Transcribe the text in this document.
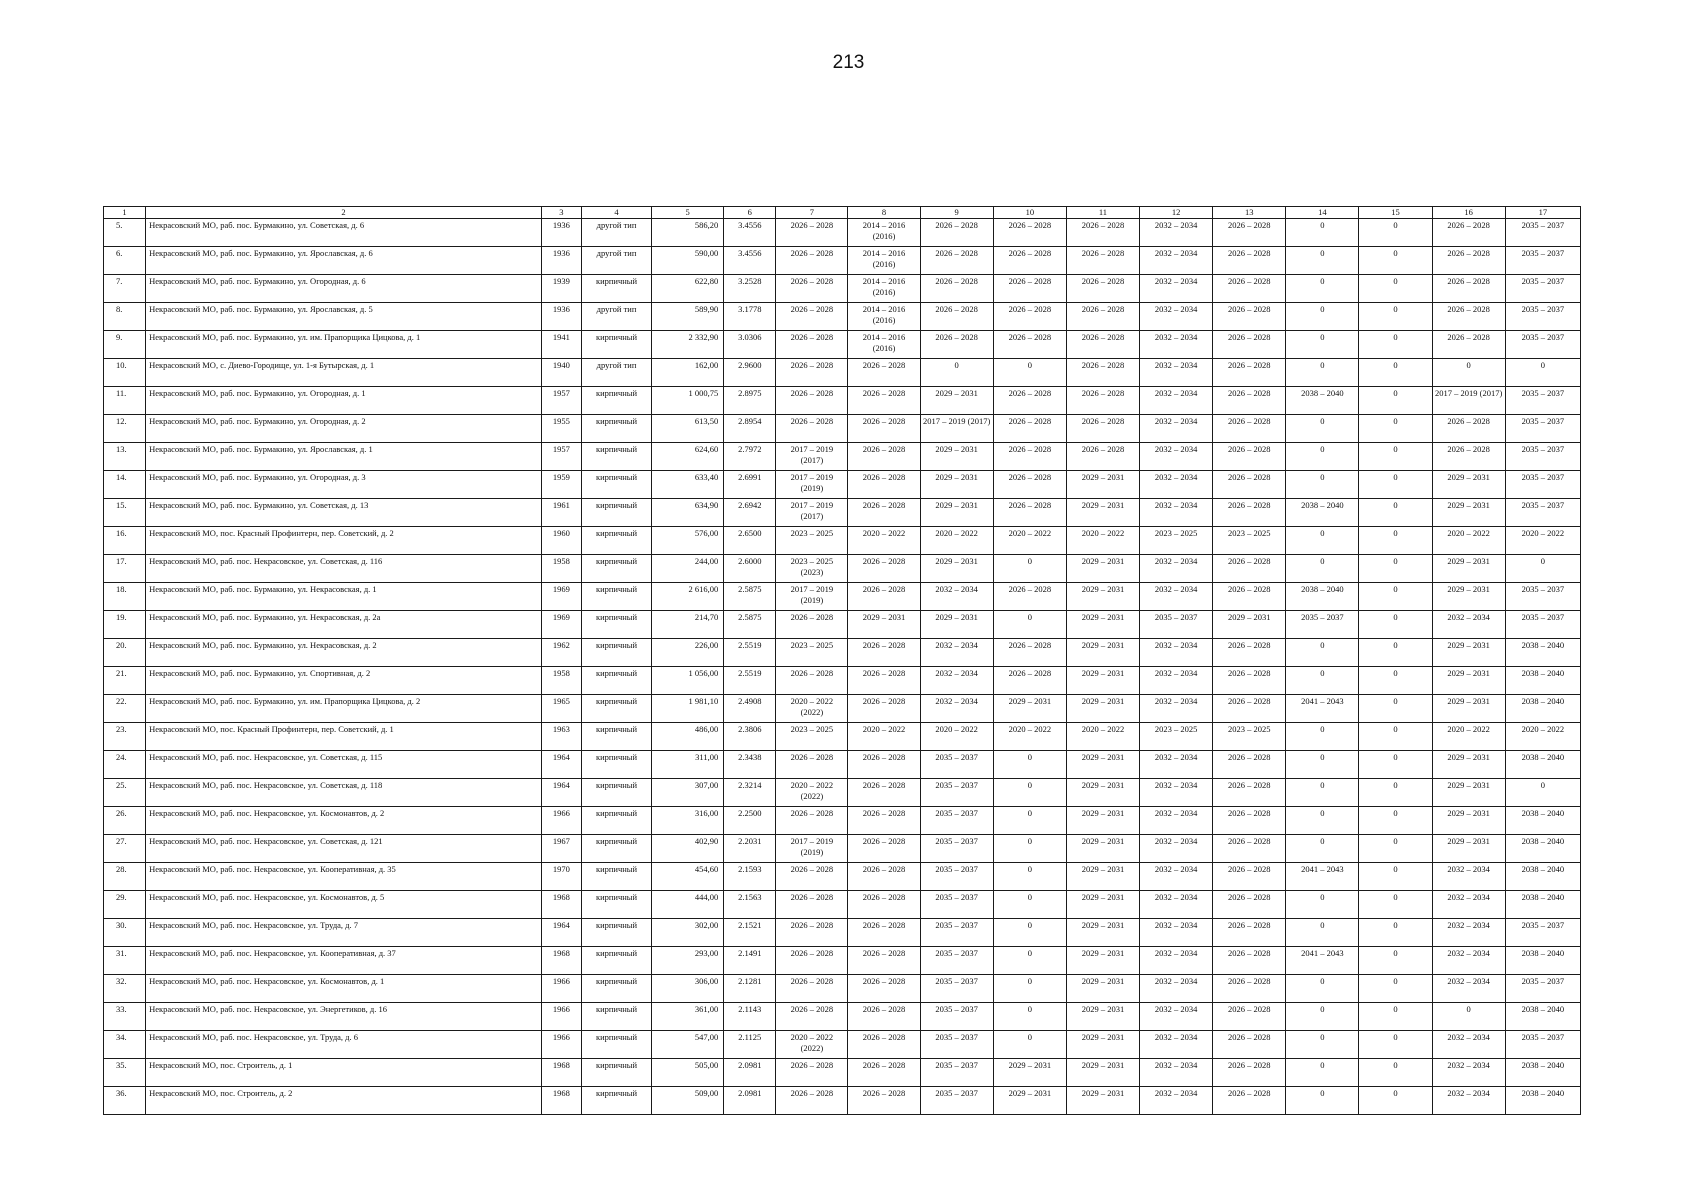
213
1	2	3	4	5	6	7	8	9	10	11	12	13	14	15	16	17
5.	Некрасовский МО, раб. пос. Бурмакино, ул. Советская, д. 6	1936	другой тип	586,20	3.4556	2026 – 2028	2014 – 2016 (2016)	2026 – 2028	2026 – 2028	2026 – 2028	2032 – 2034	2026 – 2028	0	0	2026 – 2028	2035 – 2037
6.	Некрасовский МО, раб. пос. Бурмакино, ул. Ярославская, д. 6	1936	другой тип	590,00	3.4556	2026 – 2028	2014 – 2016 (2016)	2026 – 2028	2026 – 2028	2026 – 2028	2032 – 2034	2026 – 2028	0	0	2026 – 2028	2035 – 2037
7.	Некрасовский МО, раб. пос. Бурмакино, ул. Огородная, д. 6	1939	кирпичный	622,80	3.2528	2026 – 2028	2014 – 2016 (2016)	2026 – 2028	2026 – 2028	2026 – 2028	2032 – 2034	2026 – 2028	0	0	2026 – 2028	2035 – 2037
8.	Некрасовский МО, раб. пос. Бурмакино, ул. Ярославская, д. 5	1936	другой тип	589,90	3.1778	2026 – 2028	2014 – 2016 (2016)	2026 – 2028	2026 – 2028	2026 – 2028	2032 – 2034	2026 – 2028	0	0	2026 – 2028	2035 – 2037
9.	Некрасовский МО, раб. пос. Бурмакино, ул. им. Прапорщика Цицкова, д. 1	1941	кирпичный	2 332,90	3.0306	2026 – 2028	2014 – 2016 (2016)	2026 – 2028	2026 – 2028	2026 – 2028	2032 – 2034	2026 – 2028	0	0	2026 – 2028	2035 – 2037
10.	Некрасовский МО, с. Диево-Городище, ул. 1-я Бутырская, д. 1	1940	другой тип	162,00	2.9600	2026 – 2028	2026 – 2028	0	0	2026 – 2028	2032 – 2034	2026 – 2028	0	0	0	0
11.	Некрасовский МО, раб. пос. Бурмакино, ул. Огородная, д. 1	1957	кирпичный	1 000,75	2.8975	2026 – 2028	2026 – 2028	2029 – 2031	2026 – 2028	2026 – 2028	2032 – 2034	2026 – 2028	2038 – 2040	0	2017 – 2019 (2017)	2035 – 2037
12.	Некрасовский МО, раб. пос. Бурмакино, ул. Огородная, д. 2	1955	кирпичный	613,50	2.8954	2026 – 2028	2026 – 2028	2017 – 2019 (2017)	2026 – 2028	2026 – 2028	2032 – 2034	2026 – 2028	0	0	2026 – 2028	2035 – 2037
13.	Некрасовский МО, раб. пос. Бурмакино, ул. Ярославская, д. 1	1957	кирпичный	624,60	2.7972	2017 – 2019 (2017)	2026 – 2028	2029 – 2031	2026 – 2028	2026 – 2028	2032 – 2034	2026 – 2028	0	0	2026 – 2028	2035 – 2037
14.	Некрасовский МО, раб. пос. Бурмакино, ул. Огородная, д. 3	1959	кирпичный	633,40	2.6991	2017 – 2019 (2019)	2026 – 2028	2029 – 2031	2026 – 2028	2029 – 2031	2032 – 2034	2026 – 2028	0	0	2029 – 2031	2035 – 2037
15.	Некрасовский МО, раб. пос. Бурмакино, ул. Советская, д. 13	1961	кирпичный	634,90	2.6942	2017 – 2019 (2017)	2026 – 2028	2029 – 2031	2026 – 2028	2029 – 2031	2032 – 2034	2026 – 2028	2038 – 2040	0	2029 – 2031	2035 – 2037
16.	Некрасовский МО, пос. Красный Профинтерн, пер. Советский, д. 2	1960	кирпичный	576,00	2.6500	2023 – 2025	2020 – 2022	2020 – 2022	2020 – 2022	2020 – 2022	2023 – 2025	2023 – 2025	0	0	2020 – 2022	2020 – 2022
17.	Некрасовский МО, раб. пос. Некрасовское, ул. Советская, д. 116	1958	кирпичный	244,00	2.6000	2023 – 2025 (2023)	2026 – 2028	2029 – 2031	0	2029 – 2031	2032 – 2034	2026 – 2028	0	0	2029 – 2031	0
18.	Некрасовский МО, раб. пос. Бурмакино, ул. Некрасовская, д. 1	1969	кирпичный	2 616,00	2.5875	2017 – 2019 (2019)	2026 – 2028	2032 – 2034	2026 – 2028	2029 – 2031	2032 – 2034	2026 – 2028	2038 – 2040	0	2029 – 2031	2035 – 2037
19.	Некрасовский МО, раб. пос. Бурмакино, ул. Некрасовская, д. 2а	1969	кирпичный	214,70	2.5875	2026 – 2028	2029 – 2031	2029 – 2031	0	2029 – 2031	2035 – 2037	2029 – 2031	2035 – 2037	0	2032 – 2034	2035 – 2037
20.	Некрасовский МО, раб. пос. Бурмакино, ул. Некрасовская, д. 2	1962	кирпичный	226,00	2.5519	2023 – 2025	2026 – 2028	2032 – 2034	2026 – 2028	2029 – 2031	2032 – 2034	2026 – 2028	0	0	2029 – 2031	2038 – 2040
21.	Некрасовский МО, раб. пос. Бурмакино, ул. Спортивная, д. 2	1958	кирпичный	1 056,00	2.5519	2026 – 2028	2026 – 2028	2032 – 2034	2026 – 2028	2029 – 2031	2032 – 2034	2026 – 2028	0	0	2029 – 2031	2038 – 2040
22.	Некрасовский МО, раб. пос. Бурмакино, ул. им. Прапорщика Цицкова, д. 2	1965	кирпичный	1 981,10	2.4908	2020 – 2022 (2022)	2026 – 2028	2032 – 2034	2029 – 2031	2029 – 2031	2032 – 2034	2026 – 2028	2041 – 2043	0	2029 – 2031	2038 – 2040
23.	Некрасовский МО, пос. Красный Профинтерн, пер. Советский, д. 1	1963	кирпичный	486,00	2.3806	2023 – 2025	2020 – 2022	2020 – 2022	2020 – 2022	2020 – 2022	2023 – 2025	2023 – 2025	0	0	2020 – 2022	2020 – 2022
24.	Некрасовский МО, раб. пос. Некрасовское, ул. Советская, д. 115	1964	кирпичный	311,00	2.3438	2026 – 2028	2026 – 2028	2035 – 2037	0	2029 – 2031	2032 – 2034	2026 – 2028	0	0	2029 – 2031	2038 – 2040
25.	Некрасовский МО, раб. пос. Некрасовское, ул. Советская, д. 118	1964	кирпичный	307,00	2.3214	2020 – 2022 (2022)	2026 – 2028	2035 – 2037	0	2029 – 2031	2032 – 2034	2026 – 2028	0	0	2029 – 2031	0
26.	Некрасовский МО, раб. пос. Некрасовское, ул. Космонавтов, д. 2	1966	кирпичный	316,00	2.2500	2026 – 2028	2026 – 2028	2035 – 2037	0	2029 – 2031	2032 – 2034	2026 – 2028	0	0	2029 – 2031	2038 – 2040
27.	Некрасовский МО, раб. пос. Некрасовское, ул. Советская, д. 121	1967	кирпичный	402,90	2.2031	2017 – 2019 (2019)	2026 – 2028	2035 – 2037	0	2029 – 2031	2032 – 2034	2026 – 2028	0	0	2029 – 2031	2038 – 2040
28.	Некрасовский МО, раб. пос. Некрасовское, ул. Кооперативная, д. 35	1970	кирпичный	454,60	2.1593	2026 – 2028	2026 – 2028	2035 – 2037	0	2029 – 2031	2032 – 2034	2026 – 2028	2041 – 2043	0	2032 – 2034	2038 – 2040
29.	Некрасовский МО, раб. пос. Некрасовское, ул. Космонавтов, д. 5	1968	кирпичный	444,00	2.1563	2026 – 2028	2026 – 2028	2035 – 2037	0	2029 – 2031	2032 – 2034	2026 – 2028	0	0	2032 – 2034	2038 – 2040
30.	Некрасовский МО, раб. пос. Некрасовское, ул. Труда, д. 7	1964	кирпичный	302,00	2.1521	2026 – 2028	2026 – 2028	2035 – 2037	0	2029 – 2031	2032 – 2034	2026 – 2028	0	0	2032 – 2034	2035 – 2037
31.	Некрасовский МО, раб. пос. Некрасовское, ул. Кооперативная, д. 37	1968	кирпичный	293,00	2.1491	2026 – 2028	2026 – 2028	2035 – 2037	0	2029 – 2031	2032 – 2034	2026 – 2028	2041 – 2043	0	2032 – 2034	2038 – 2040
32.	Некрасовский МО, раб. пос. Некрасовское, ул. Космонавтов, д. 1	1966	кирпичный	306,00	2.1281	2026 – 2028	2026 – 2028	2035 – 2037	0	2029 – 2031	2032 – 2034	2026 – 2028	0	0	2032 – 2034	2035 – 2037
33.	Некрасовский МО, раб. пос. Некрасовское, ул. Энергетиков, д. 16	1966	кирпичный	361,00	2.1143	2026 – 2028	2026 – 2028	2035 – 2037	0	2029 – 2031	2032 – 2034	2026 – 2028	0	0	0	2038 – 2040
34.	Некрасовский МО, раб. пос. Некрасовское, ул. Труда, д. 6	1966	кирпичный	547,00	2.1125	2020 – 2022 (2022)	2026 – 2028	2035 – 2037	0	2029 – 2031	2032 – 2034	2026 – 2028	0	0	2032 – 2034	2035 – 2037
35.	Некрасовский МО, пос. Строитель, д. 1	1968	кирпичный	505,00	2.0981	2026 – 2028	2026 – 2028	2035 – 2037	2029 – 2031	2029 – 2031	2032 – 2034	2026 – 2028	0	0	2032 – 2034	2038 – 2040
36.	Некрасовский МО, пос. Строитель, д. 2	1968	кирпичный	509,00	2.0981	2026 – 2028	2026 – 2028	2035 – 2037	2029 – 2031	2029 – 2031	2032 – 2034	2026 – 2028	0	0	2032 – 2034	2038 – 2040
